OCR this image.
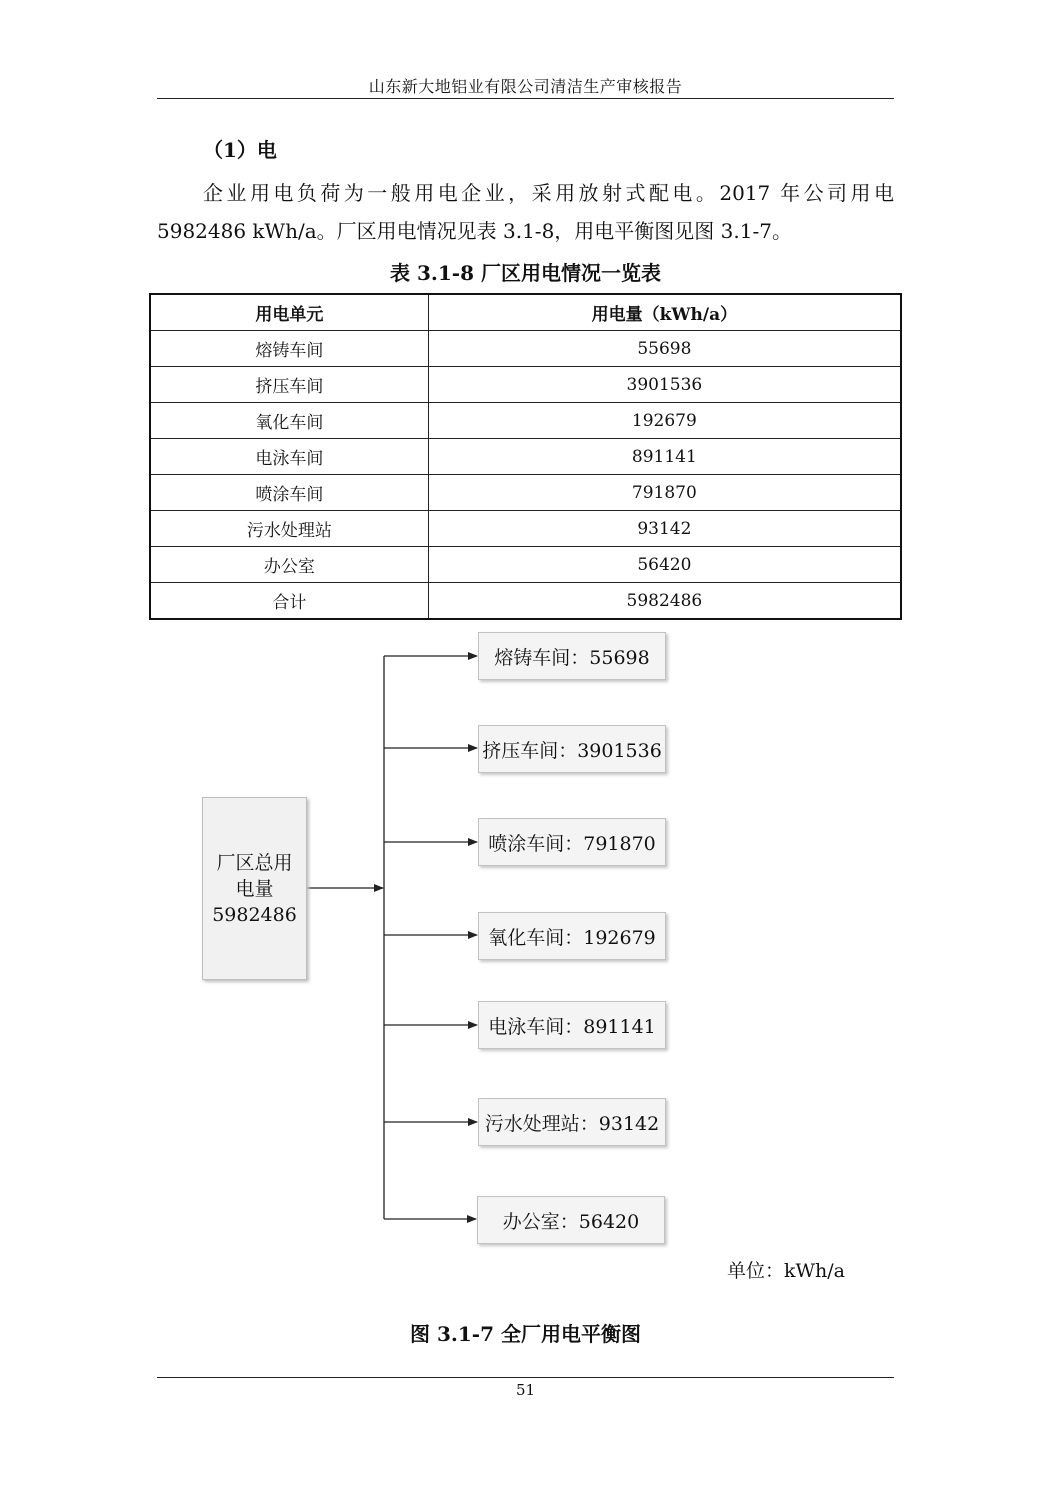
山东新大地铝业有限公司清洁生产审核报告
（1）电
企业用电负荷为一般用电企业，采用放射式配电。2017 年公司用电 5982486 kWh/a。厂区用电情况见表 3.1-8，用电平衡图见图 3.1-7。
表 3.1-8 厂区用电情况一览表
用电单元	用电量（kWh/a）
熔铸车间	55698
挤压车间	3901536
氧化车间	192679
电泳车间	891141
喷涂车间	791870
污水处理站	93142
办公室	56420
合计	5982486
厂区总用
电量
5982486
熔铸车间：55698
挤压车间：3901536
喷涂车间：791870
氧化车间：192679
电泳车间：891141
污水处理站：93142
办公室：56420
单位：kWh/a
图 3.1-7 全厂用电平衡图
51
